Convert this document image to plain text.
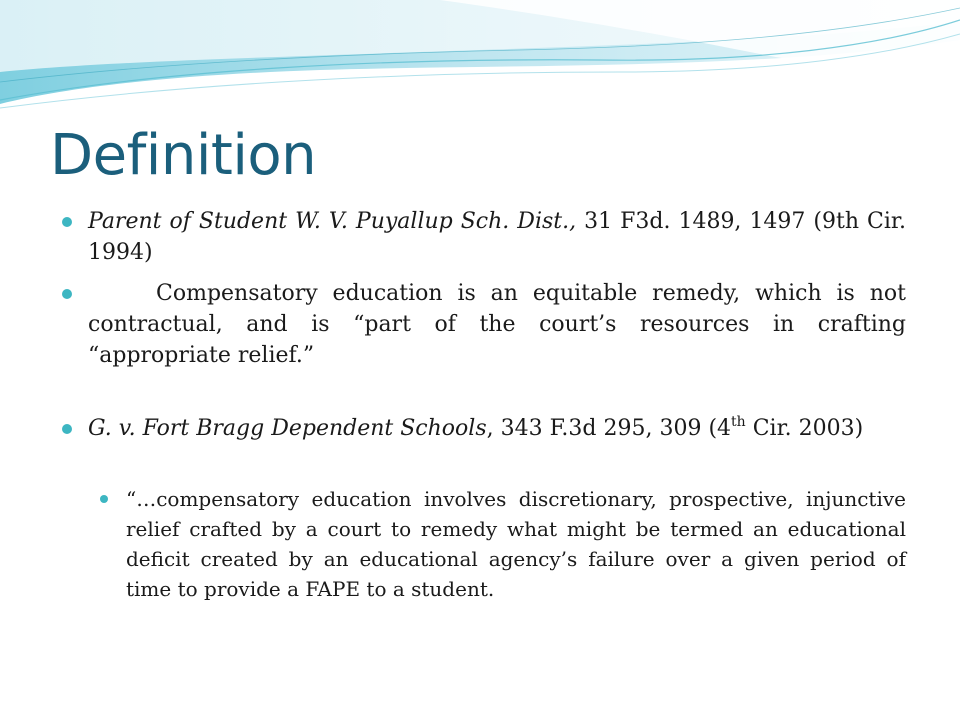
Definition
Parent of Student W. V. Puyallup Sch. Dist., 31 F3d. 1489, 1497 (9th Cir. 1994)
Compensatory education is an equitable remedy, which is not contractual, and is “part of the court’s resources in crafting “appropriate relief.”
G. v. Fort Bragg Dependent Schools, 343 F.3d 295, 309 (4th Cir. 2003)
“…compensatory education involves discretionary, prospective, injunctive relief crafted by a court to remedy what might be termed an educational deficit created by an educational agency’s failure over a given period of time to provide a FAPE to a student.
